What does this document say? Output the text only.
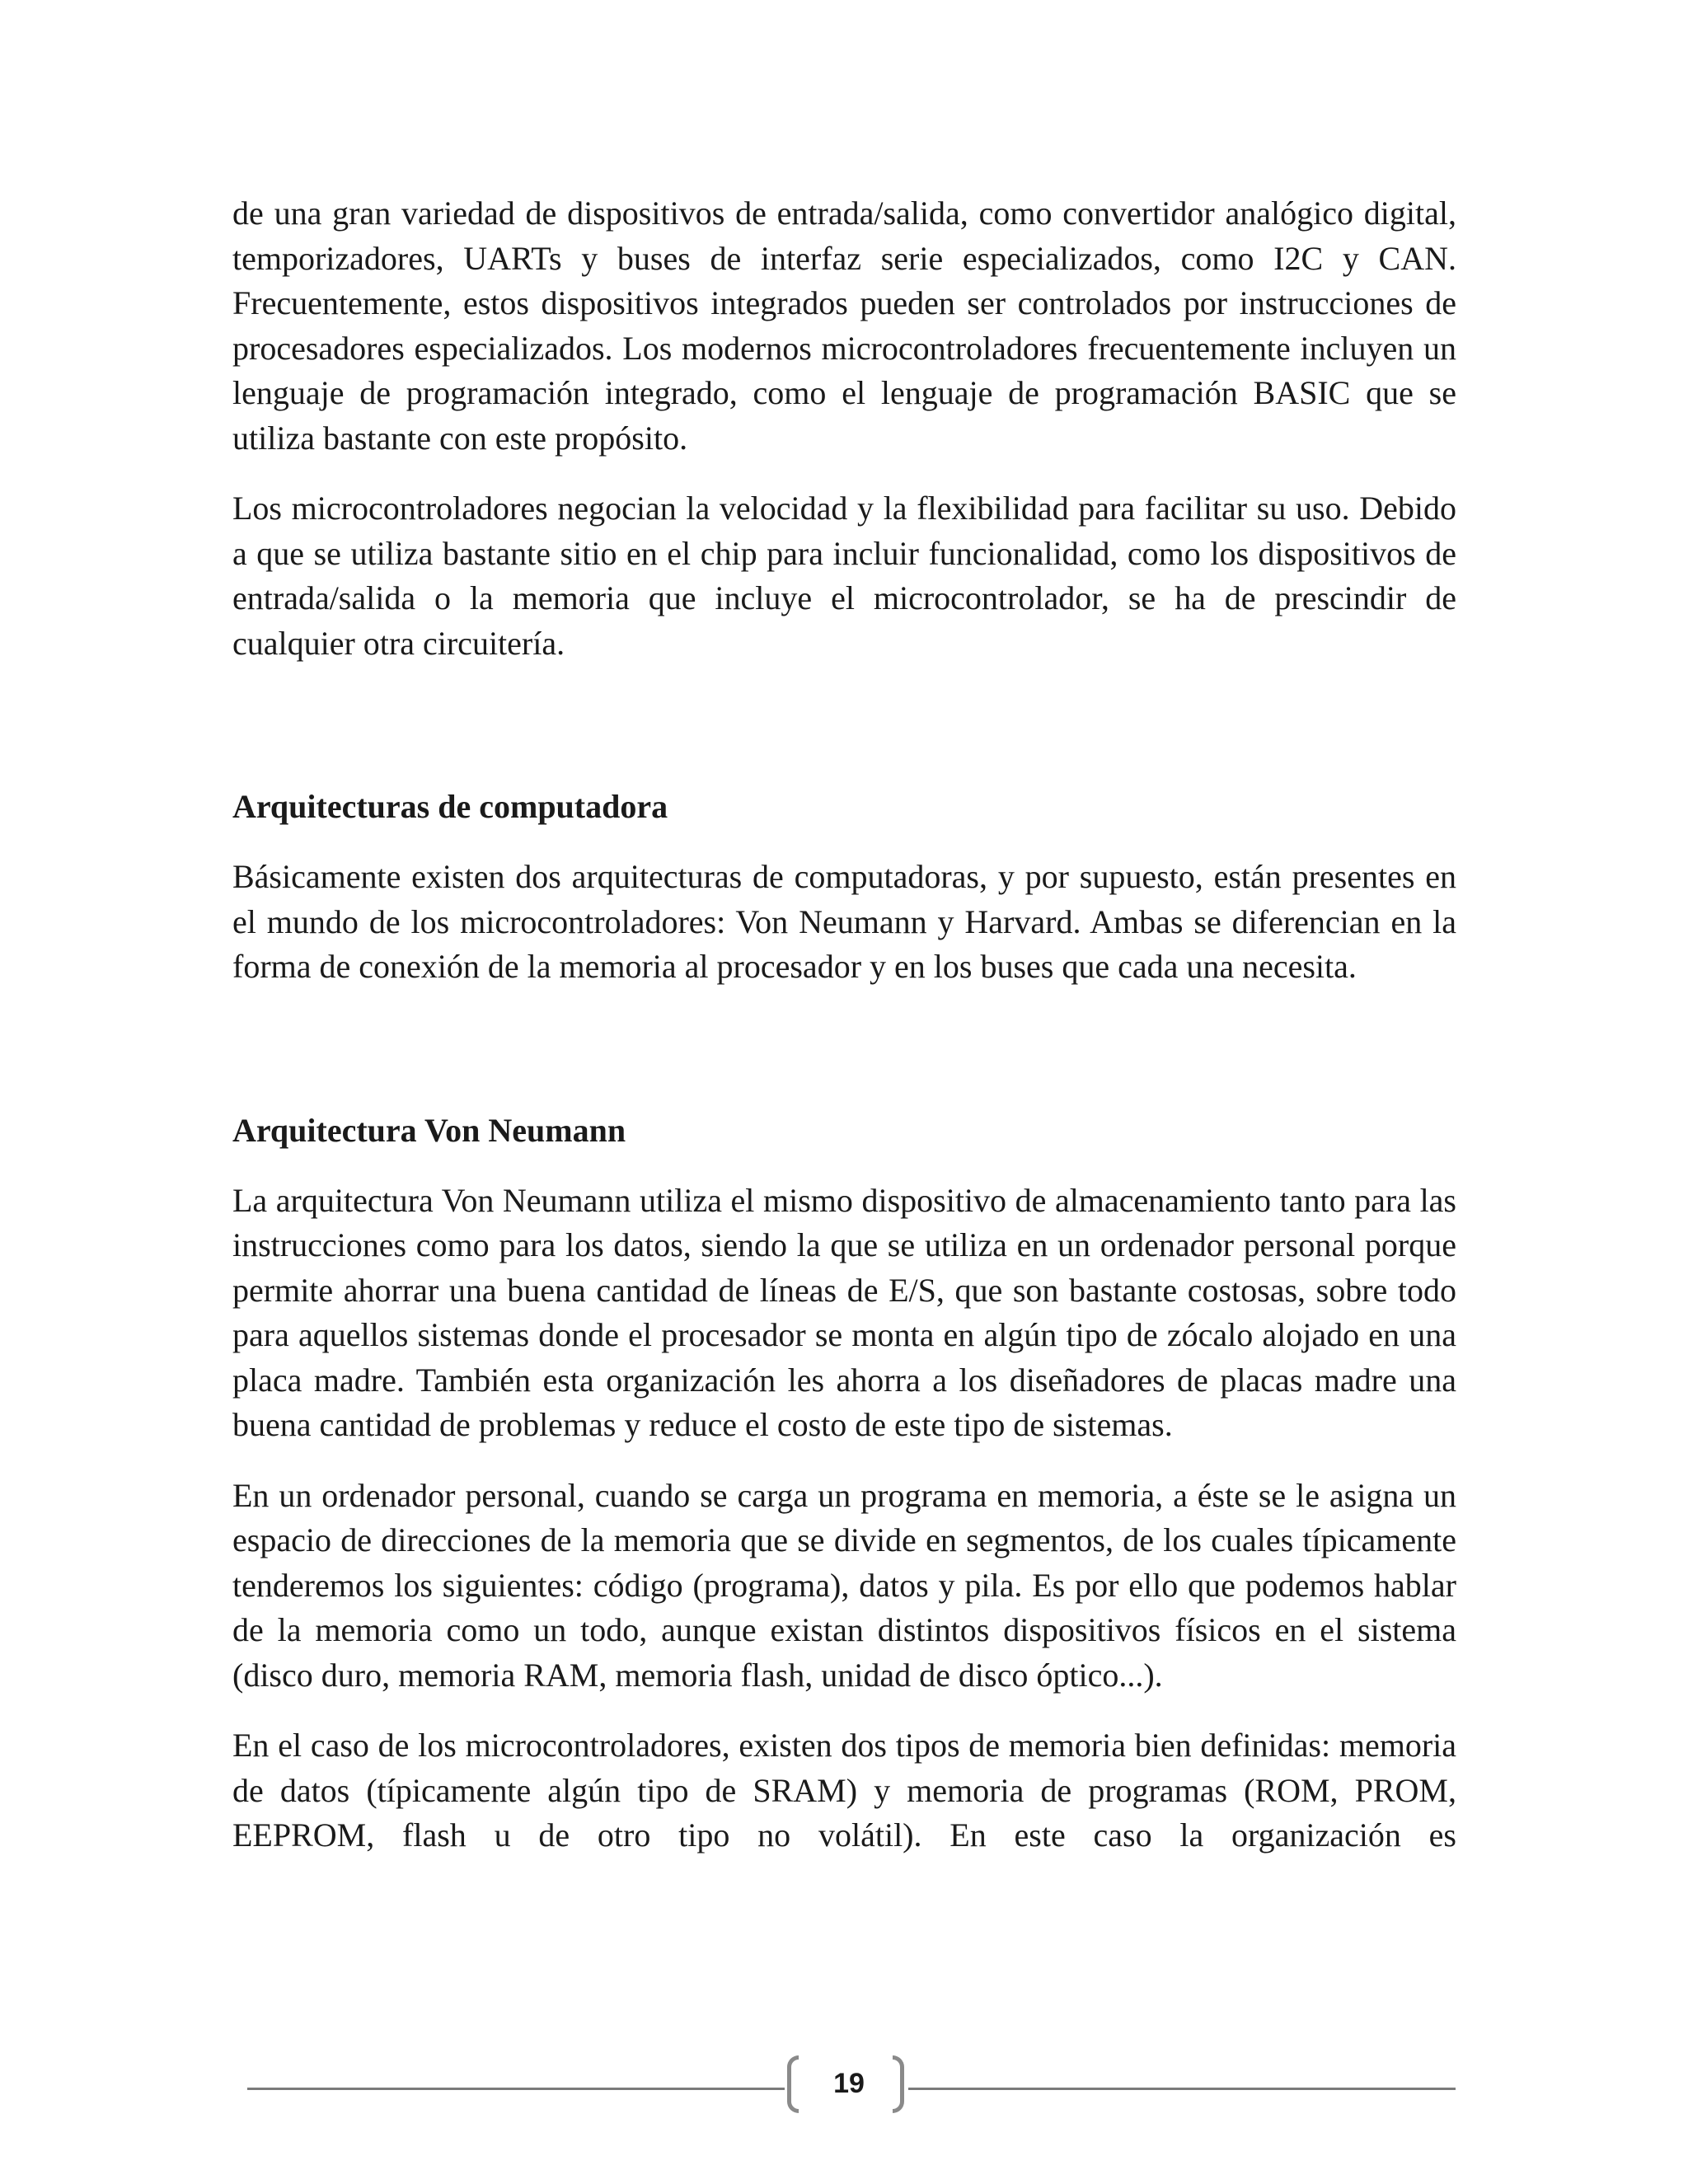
de una gran variedad de dispositivos de entrada/salida, como convertidor analógico digital, temporizadores, UARTs y buses de interfaz serie especializados, como I2C y CAN. Frecuentemente, estos dispositivos integrados pueden ser controlados por instrucciones de procesadores especializados. Los modernos microcontroladores frecuentemente incluyen un lenguaje de programación integrado, como el lenguaje de programación BASIC que se utiliza bastante con este propósito.

Los microcontroladores negocian la velocidad y la flexibilidad para facilitar su uso. Debido a que se utiliza bastante sitio en el chip para incluir funcionalidad, como los dispositivos de entrada/salida o la memoria que incluye el microcontrolador, se ha de prescindir de cualquier otra circuitería.

Arquitecturas de computadora

Básicamente existen dos arquitecturas de computadoras, y por supuesto, están presentes en el mundo de los microcontroladores: Von Neumann y Harvard. Ambas se diferencian en la forma de conexión de la memoria al procesador y en los buses que cada una necesita.

Arquitectura Von Neumann

La arquitectura Von Neumann utiliza el mismo dispositivo de almacenamiento tanto para las instrucciones como para los datos, siendo la que se utiliza en un ordenador personal porque permite ahorrar una buena cantidad de líneas de E/S, que son bastante costosas, sobre todo para aquellos sistemas donde el procesador se monta en algún tipo de zócalo alojado en una placa madre. También esta organización les ahorra a los diseñadores de placas madre una buena cantidad de problemas y reduce el costo de este tipo de sistemas.

En un ordenador personal, cuando se carga un programa en memoria, a éste se le asigna un espacio de direcciones de la memoria que se divide en segmentos, de los cuales típicamente tenderemos los siguientes: código (programa), datos y pila. Es por ello que podemos hablar de la memoria como un todo, aunque existan distintos dispositivos físicos en el sistema (disco duro, memoria RAM, memoria flash, unidad de disco óptico...).

En el caso de los microcontroladores, existen dos tipos de memoria bien definidas: memoria de datos (típicamente algún tipo de SRAM) y memoria de programas (ROM, PROM, EEPROM, flash u de otro tipo no volátil). En este caso la organización es

19
